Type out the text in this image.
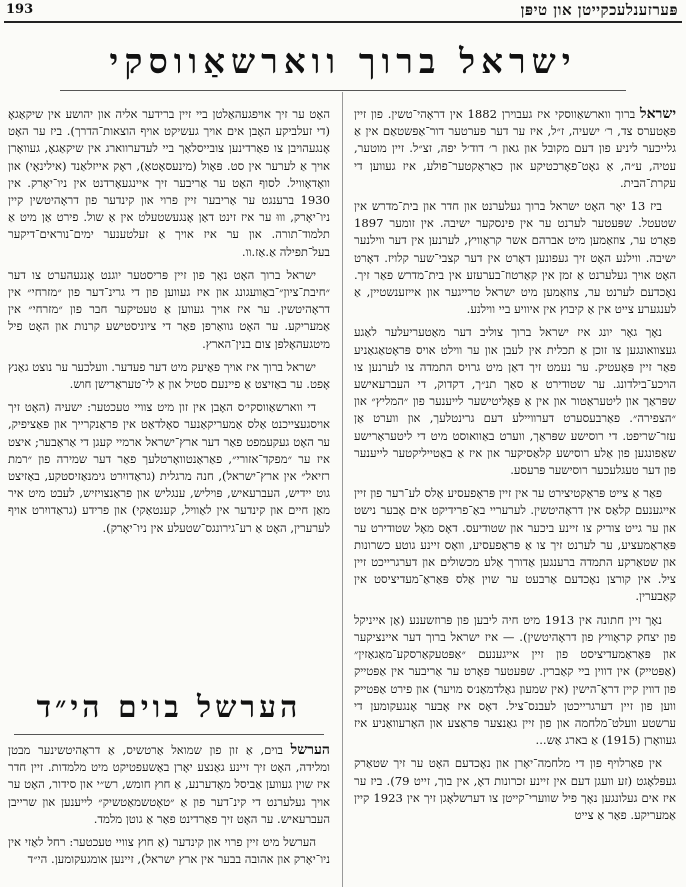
193	פּערזענלעכקייטן און טיפּן
ישראל ברוך ווארשאַווסקי

ישראל ברוך ווארשאַווסקי איז געבוירן 1882 אין דראָהי־טשין. פון זיין פאָטערס צד, ר׳ ישעיה, ז״ל, איז ער דער פערטער דור־אַפּשטאַם אין אַ גלייכער ליניע פון דעם מקובל און גאון ר׳ דוד׳ל יפה, זצ״ל. זיין מוטער, עטיה, ע״ה, אַ גאָט־פאָרכטיקע און כאַראַקטער־פולע, איז געווען די עקרת־הבית.

ביז 13 יאָר האָט ישראל ברוך געלערנט און חדר און בית־מדרש אין שטעטל. שפּעטער לערנט ער אין פינסקער ישיבה. אין זומער 1897 פאָרט ער, צוזאַמען מיט אברהם אשר קראָוויץ, לערנען אין דער ווילנער ישיבה. ווילנע האָט זיך געפונען דאָרט אין דער קצבי־שער קלויז. דאָרט האָט אויך געלערנט אַ זמן אין קאַרטוז־בערעזע אין בית־מדרש פאַר זיך. נאָכדעם לערנט ער, צוזאַמען מיט ישראל טרייגער און אייזענשטיין, אַ לענגערע צייט אין אַ קיבוץ אין איוויע ביי ווילנע.

נאָך גאָר יונג איז ישראל ברוך צוליב דער מאַטעריעלער לאַגע געצוואונגען צו זוכן אַ תכלית אין לעבן און ער ווילט אויס פּראָטאַגאַניע פאַר זיין פּאָעטיק. ער נעמט זיך דאַן מיט גרויס התמדה צו לערנען צו הויכע־בילדונג. ער שטודירט אַ סאַך תנ״ך, דקדוק, די העברעאישע שפּראַך און ליטעראַטור און אין אַ פּאָליטישער לייענער פון ״המליץ״ און ״הצפירה״. פאַרבעסערט דערוויילע דעם גרינטלעך, און ווערט אַן עזר־שריפט. די רוסישע שפּראַך, ווערט באַוואוסט מיט די ליטעראַרישע שאַפונגען פון אַלע רוסישע קלאַסיקער און איז אַ באַטייליקטער לייענער פון דער טעגלעכער רוסישער פּרעסע.

פאַר אַ צייט פּראַקטיצירט ער אין זיין פּראָפעסיע אַלס לע־רער פון זיין אייגענעם קלאַס אין דראָהיטשין. לערעריי באַ־פרידיקט אים אָבער נישט און ער גייט צוריק צו זיינע ביכער און שטודיעס. דאָס מאָל שטודירט ער פּאַראַמעציע, ער לערנט זיך צו אַ פּראָפעסיע, וואָס זיינע גוטע כשרונות און שטאַרקע התמדה ברענגען אַדורך אַלע מכשולים און דערגרייכט זיין ציל. אין קורצן נאָכדעם אַרבעט ער שוין אַלס פּאַראַ־מעדיציסט אין קאַבערין.

נאָך זיין חתונה אין 1913 מיט חיה ליבען פון פּרוזשענע (אַן אייניקל פון יצחק קראָוויץ פון דראָהיטשין). — איז ישראל ברוך דער איינציקער און פּאַראַמעדיציסט פון זיין אייגענעם ״אַפּטעקאַרסקע־מאַגאַזין״ (אַפּטייק) אין דווין ביי קאַברין. שפּעטער פאָרט ער אַריבער אין אַפּטייק פון דווין קיין דראָ־הישין (אין שמעון גאָלדמאַנ׳ס מויער) און פירט אַפּטייק ווען פון זיין דערגרייכטן לעבנס־ציל. דאָס איז אָבער אָנגעקומען די ערשטע וועלט־מלחמה און פון זיין גאַנצער פּראַצע און האָרעוואַניע איז געוואָרן (1915) אַ בארג אַש...

אין פאַרלויף פון די מלחמה־יאָרן און נאָכדעם האָט ער זיך שטאַרק געפּלאָגט (זע וועגן דעם אין זיינע זכרונות דאָ, אין בוך, זייט 79). ביז ער איז אים געלונגען נאָך פיל שווערי־קייטן צו דערשלאָגן זיך אין 1923 קיין אַמעריקע. פאַר אַ צייט

האָט ער זיך אויפגעהאַלטן ביי זיין ברידער אליה און יהושע אין שיקאַגאָ (די זעלביקע האָבן אים אויך געשיקט אויף הוצאות־הדרך). ביז ער האָט אָנגעהויבן צו פאַרדינען צובייסלאַך ביי לעדערווארג אין שיקאַגאָ, געוואָרן אויך אַ לערער אין סט. פּאָול (מינעסאָטאַ), ראָק אייזלאַנד (אילינאָי) און וואָדאָוויל. לסוף האָט ער אַריבער זיך איינגעאָרדנט אין ניו־יאָרק. אין 1930 ברענגט ער אַריבער זיין פרוי און קינדער פון דראָהיטשין קיין ניו־יאָרק, וווּ ער איז זינט דאַן אָנגעשטעלט אין אַ שול. פירט אַן מיט אַ תלמוד־תורה. און ער איז אויך אַ זעלטענער ימים־נוראים־דיקער בעל־תפילה אַ.אַז.וו.

ישראל ברוך האָט נאָך פון זיין פּריסטער יוגנט אָנגעהערט צו דער ״חיבת־ציון״־באַוועגונג און איז געווען פון די גרינ־דער פון ״מזרחי״ אין דראָהיטשין. ער איז אויך געווען אַ טעטיקער חבר פון ״מזרחי״ אין אַמעריקע. ער האָט גוואַרפן פאַר די ציוניסטישע קרנות און האָט פיל מיטגעהאָלפן צום בנין־הארץ.

ישראל ברוך איז אויך פאַיעק מיט דער פעדער. וועלכער ער נוצט גאַנץ אָפט. ער באַזיצט אַ פיינעם סטיל און אַ לי־טעראַרישן חוש.

די ווארשאַווסקי׳ס האָבן אין זון מיט צוויי טעכטער: ישעיה (האָט זיך אויסגעצייכנט אַלס אַמעריקאַנער סאָלדאַט אין פראַנקרייך און פּאַציפיק, ער האָט געקעמפט פאַר דער ארץ־ישראל ארמיי קעגן די אַראַבער; איצט איז ער ״מפקד־אזורי״, פאַראַנטוואָרטלעך פאַר דער שמירה פון ״רמת רזיאל״ אין ארץ־ישראל), חנה מרגלית (גראַדויִרט גימנאַזיסטקע, באַזיצט גוט יידיש, העברעאיש, פּויליש, ענגליש און פראַנצויזיש, לעבט מיט איר מאַן חיים און קינדער אין לאַוויל, קענטאַקי) און פרידע (גראַדויִרט אויף לערערין, האָט אַ רע־גירונגס־שטעלע אין ניו־יאָרק).

הערשל בוים הי״ד

הערשל בוים, אַ זון פון שמואל אַרטשיס, אַ דראָהיטשינער מבטן ומלידה, האָט זיך זיינע גאַנצע יאָרן באַשעפטיקט מיט מלמדות. זיין חדר איז שוין געווען אַביסל מאָדערנע, אַ חוץ חומש, רש״י און סידור, האָט ער אויך געלערנט די קינ־דער פון אַ ״טאָטשמאַטשיק״ לייענען און שרייבן העברעאיש. ער האָט זיך פאַרדינט פאַר אַ גוטן מלמד.

הערשל מיט זיין פרוי און קינדער (אַ חוץ צוויי טעכטער: רחל לאַזי אין ניו־יאָרק און אהובה בבער אין ארץ ישראל), זיינען אומגעקומען. הי״ד
